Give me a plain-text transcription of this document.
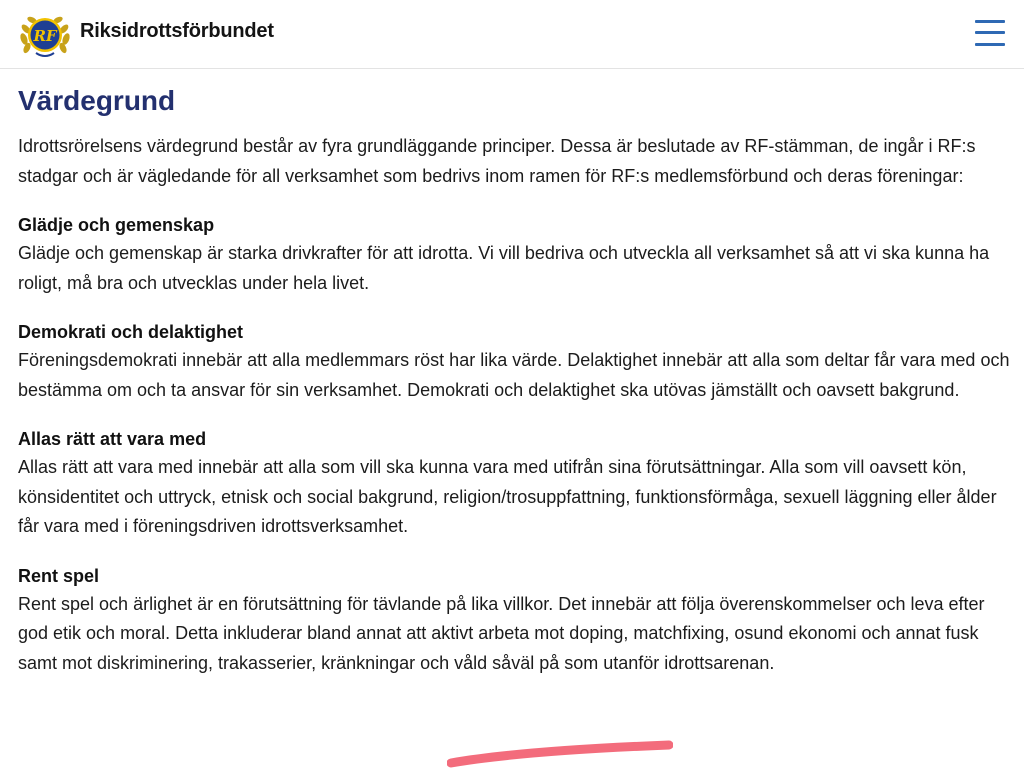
RF Riksidrottsförbundet
Värdegrund

Idrottsrörelsens värdegrund består av fyra grundläggande principer. Dessa är beslutade av RF-stämman, de ingår i RF:s stadgar och är vägledande för all verksamhet som bedrivs inom ramen för RF:s medlemsförbund och deras föreningar:

Glädje och gemenskap

Glädje och gemenskap är starka drivkrafter för att idrotta. Vi vill bedriva och utveckla all verksamhet så att vi ska kunna ha roligt, må bra och utvecklas under hela livet.

Demokrati och delaktighet

Föreningsdemokrati innebär att alla medlemmars röst har lika värde. Delaktighet innebär att alla som deltar får vara med och bestämma om och ta ansvar för sin verksamhet. Demokrati och delaktighet ska utövas jämställt och oavsett bakgrund.

Allas rätt att vara med

Allas rätt att vara med innebär att alla som vill ska kunna vara med utifrån sina förutsättningar. Alla som vill oavsett kön, könsidentitet och uttryck, etnisk och social bakgrund, religion/trosuppfattning, funktionsförmåga, sexuell läggning eller ålder får vara med i föreningsdriven idrottsverksamhet.

Rent spel

Rent spel och ärlighet är en förutsättning för tävlande på lika villkor. Det innebär att följa överenskommelser och leva efter god etik och moral. Detta inkluderar bland annat att aktivt arbeta mot doping, matchfixing, osund ekonomi och annat fusk samt mot diskriminering, trakasserier, kränkningar och våld såväl på som utanför idrottsarenan.
